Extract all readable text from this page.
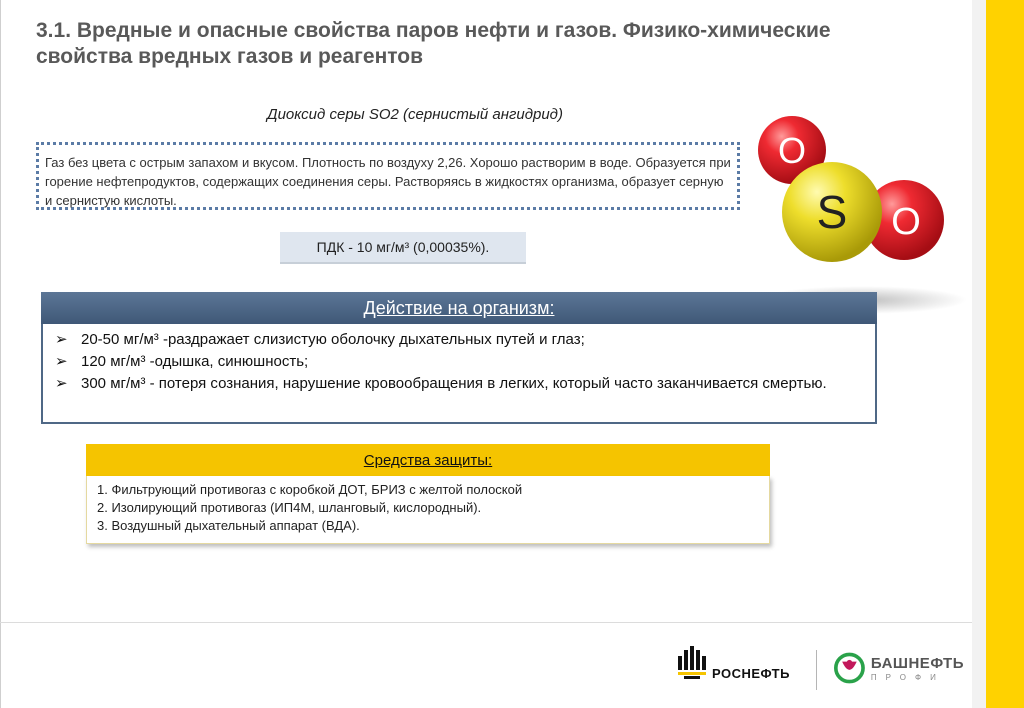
3.1. Вредные и опасные свойства паров нефти и газов. Физико-химические
свойства вредных газов и реагентов
Диоксид серы SO2 (сернистый ангидрид)
Газ без цвета с острым запахом и вкусом. Плотность по воздуху 2,26. Хорошо растворим в воде. Образуется при горение нефтепродуктов, содержащих соединения серы. Растворяясь в жидкостях организма, образует серную и сернистую кислоты.
ПДК - 10 мг/м³ (0,00035%).
O
S O
Действие на организм:
➢ 20-50 мг/м³ -раздражает слизистую оболочку дыхательных путей и глаз;
➢ 120 мг/м³ -одышка, синюшность;
➢ 300 мг/м³ - потеря сознания, нарушение кровообращения в легких, который часто заканчивается смертью.
Средства защиты:
1. Фильтрующий противогаз с коробкой ДОТ, БРИЗ с желтой полоской
2. Изолирующий противогаз (ИП4М, шланговый, кислородный).
3. Воздушный дыхательный аппарат (ВДА).
РОСНЕФТЬ
БАШНЕФТЬ
ПРОФИ
